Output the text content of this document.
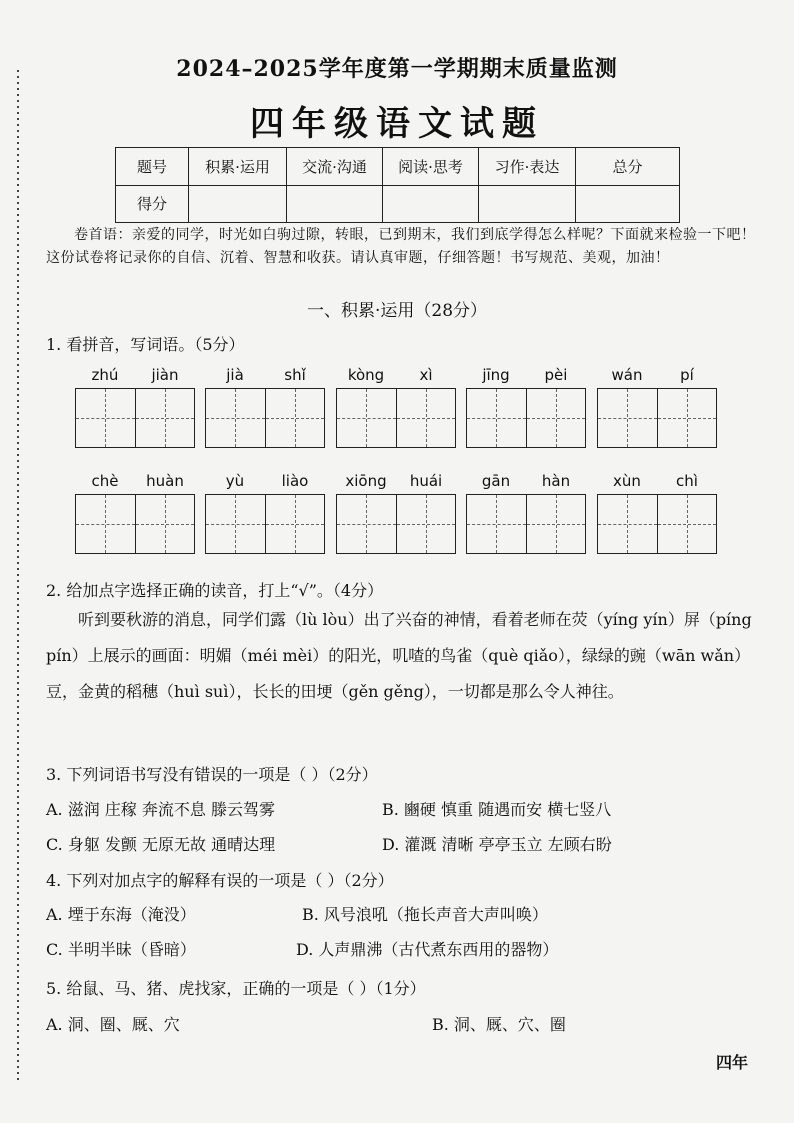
2024–2025学年度第一学期期末质量监测
四年级语文试题
题号	积累·运用	交流·沟通	阅读·思考	习作·表达	总分
得分					
卷首语：亲爱的同学，时光如白驹过隙，转眼，已到期末，我们到底学得怎么样呢？下面就来检验一下吧！这份试卷将记录你的自信、沉着、智慧和收获。请认真审题，仔细答题！书写规范、美观，加油！
一、积累·运用（28分）
1. 看拼音，写词语。（5分）
zhú	jiàn	jià	shǐ	kòng	xì	jīng	pèi	wán	pí
chè	huàn	yù	liào	xiōng	huái	gān	hàn	xùn	chì
2. 给加点字选择正确的读音，打上“√”。（4分）
听到要秋游的消息，同学们露（lù lòu）出了兴奋的神情，看着老师在荧（yíng yín）屏（píng pín）上展示的画面：明媚（méi mèi）的阳光，叽喳的鸟雀（què qiǎo），绿绿的豌（wān wǎn）豆，金黄的稻穗（huì suì），长长的田埂（gěn gěng），一切都是那么令人神往。
3. 下列词语书写没有错误的一项是（ ）（2分）
A. 滋润 庄稼 奔流不息 滕云驾雾	B. 豳硬 慎重 随遇而安 横七竖八
C. 身躯 发颤 无原无故 通晴达理	D. 灌溉 清晰 亭亭玉立 左顾右盼
4. 下列对加点字的解释有误的一项是（ ）（2分）
A. 堙于东海（淹没）	B. 风号浪吼（拖长声音大声叫唤）
C. 半明半昧（昏暗）	D. 人声鼎沸（古代煮东西用的器物）
5. 给鼠、马、猪、虎找家，正确的一项是（ ）（1分）
A. 洞、圈、厩、穴	B. 洞、厩、穴、圈
四年
